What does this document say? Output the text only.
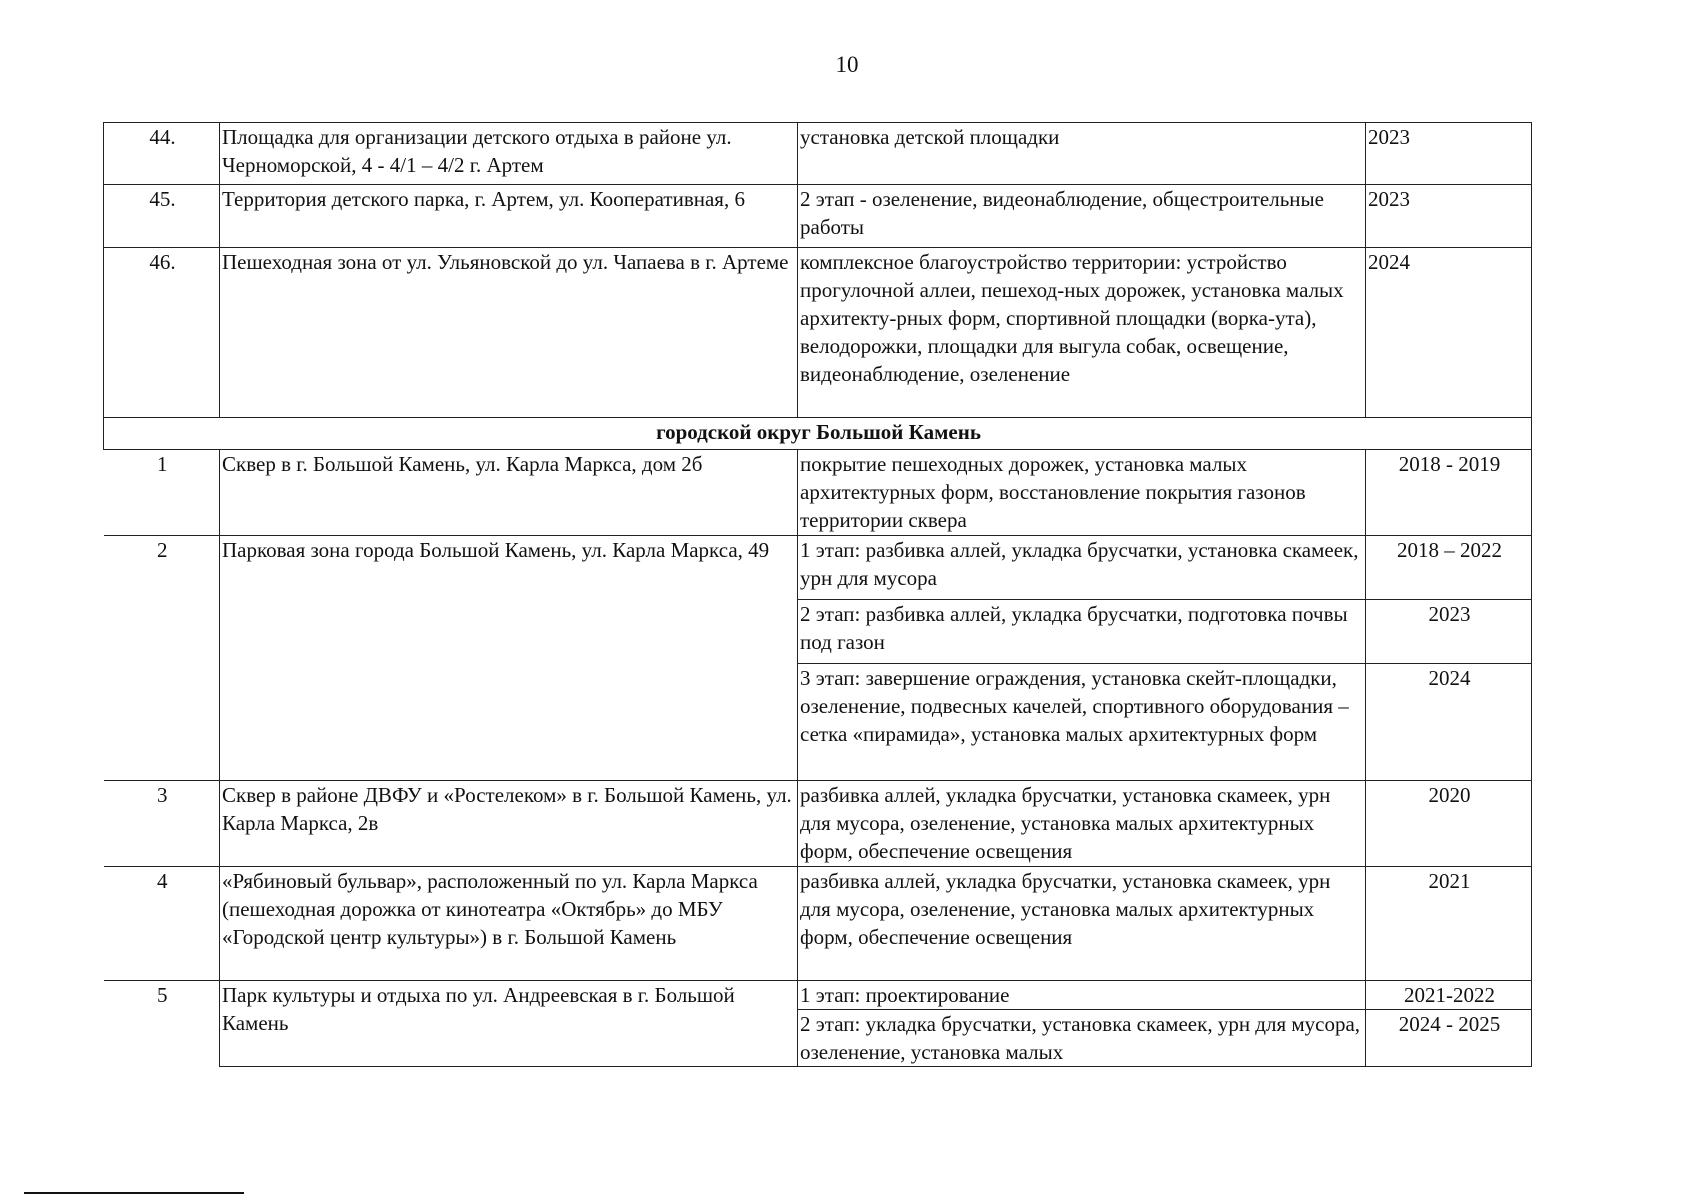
10
44.	Площадка для организации детского отдыха в районе ул. Черноморской, 4 - 4/1 – 4/2 г. Артем	установка детской площадки	2023
45.	Территория детского парка, г. Артем, ул. Кооперативная, 6	2 этап - озеленение, видеонаблюдение, общестроительные работы	2023
46.	Пешеходная зона от ул. Ульяновской до ул. Чапаева в г. Артеме	комплексное благоустройство территории: устройство прогулочной аллеи, пешеход-ных дорожек, установка малых архитекту-рных форм, спортивной площадки (ворка-ута), велодорожки, площадки для выгула собак, освещение, видеонаблюдение, озеленение	2024
городской округ Большой Камень			
1	Сквер в г. Большой Камень, ул. Карла Маркса, дом 2б	покрытие пешеходных дорожек, установка малых архитектурных форм, восстановление покрытия газонов территории сквера	2018 - 2019
2	Парковая зона города Большой Камень, ул. Карла Маркса, 49	1 этап: разбивка аллей, укладка брусчатки, установка скамеек, урн для мусора	2018 – 2022
		2 этап: разбивка аллей, укладка брусчатки, подготовка почвы под газон	2023
		3 этап: завершение ограждения, установка скейт-площадки, озеленение, подвесных качелей, спортивного оборудования – сетка «пирамида», установка малых архитектурных форм	2024
3	Сквер в районе ДВФУ и «Ростелеком» в г. Большой Камень, ул. Карла Маркса, 2в	разбивка аллей, укладка брусчатки, установка скамеек, урн для мусора, озеленение, установка малых архитектурных форм, обеспечение освещения	2020
4	«Рябиновый бульвар», расположенный по ул. Карла Маркса (пешеходная дорожка от кинотеатра «Октябрь» до МБУ «Городской центр культуры») в г. Большой Камень	разбивка аллей, укладка брусчатки, установка скамеек, урн для мусора, озеленение, установка малых архитектурных форм, обеспечение освещения	2021
5	Парк культуры и отдыха по ул. Андреевская в г. Большой Камень	1 этап: проектирование	2021-2022
		2 этап: укладка брусчатки, установка скамеек, урн для мусора, озеленение, установка малых	2024 - 2025
